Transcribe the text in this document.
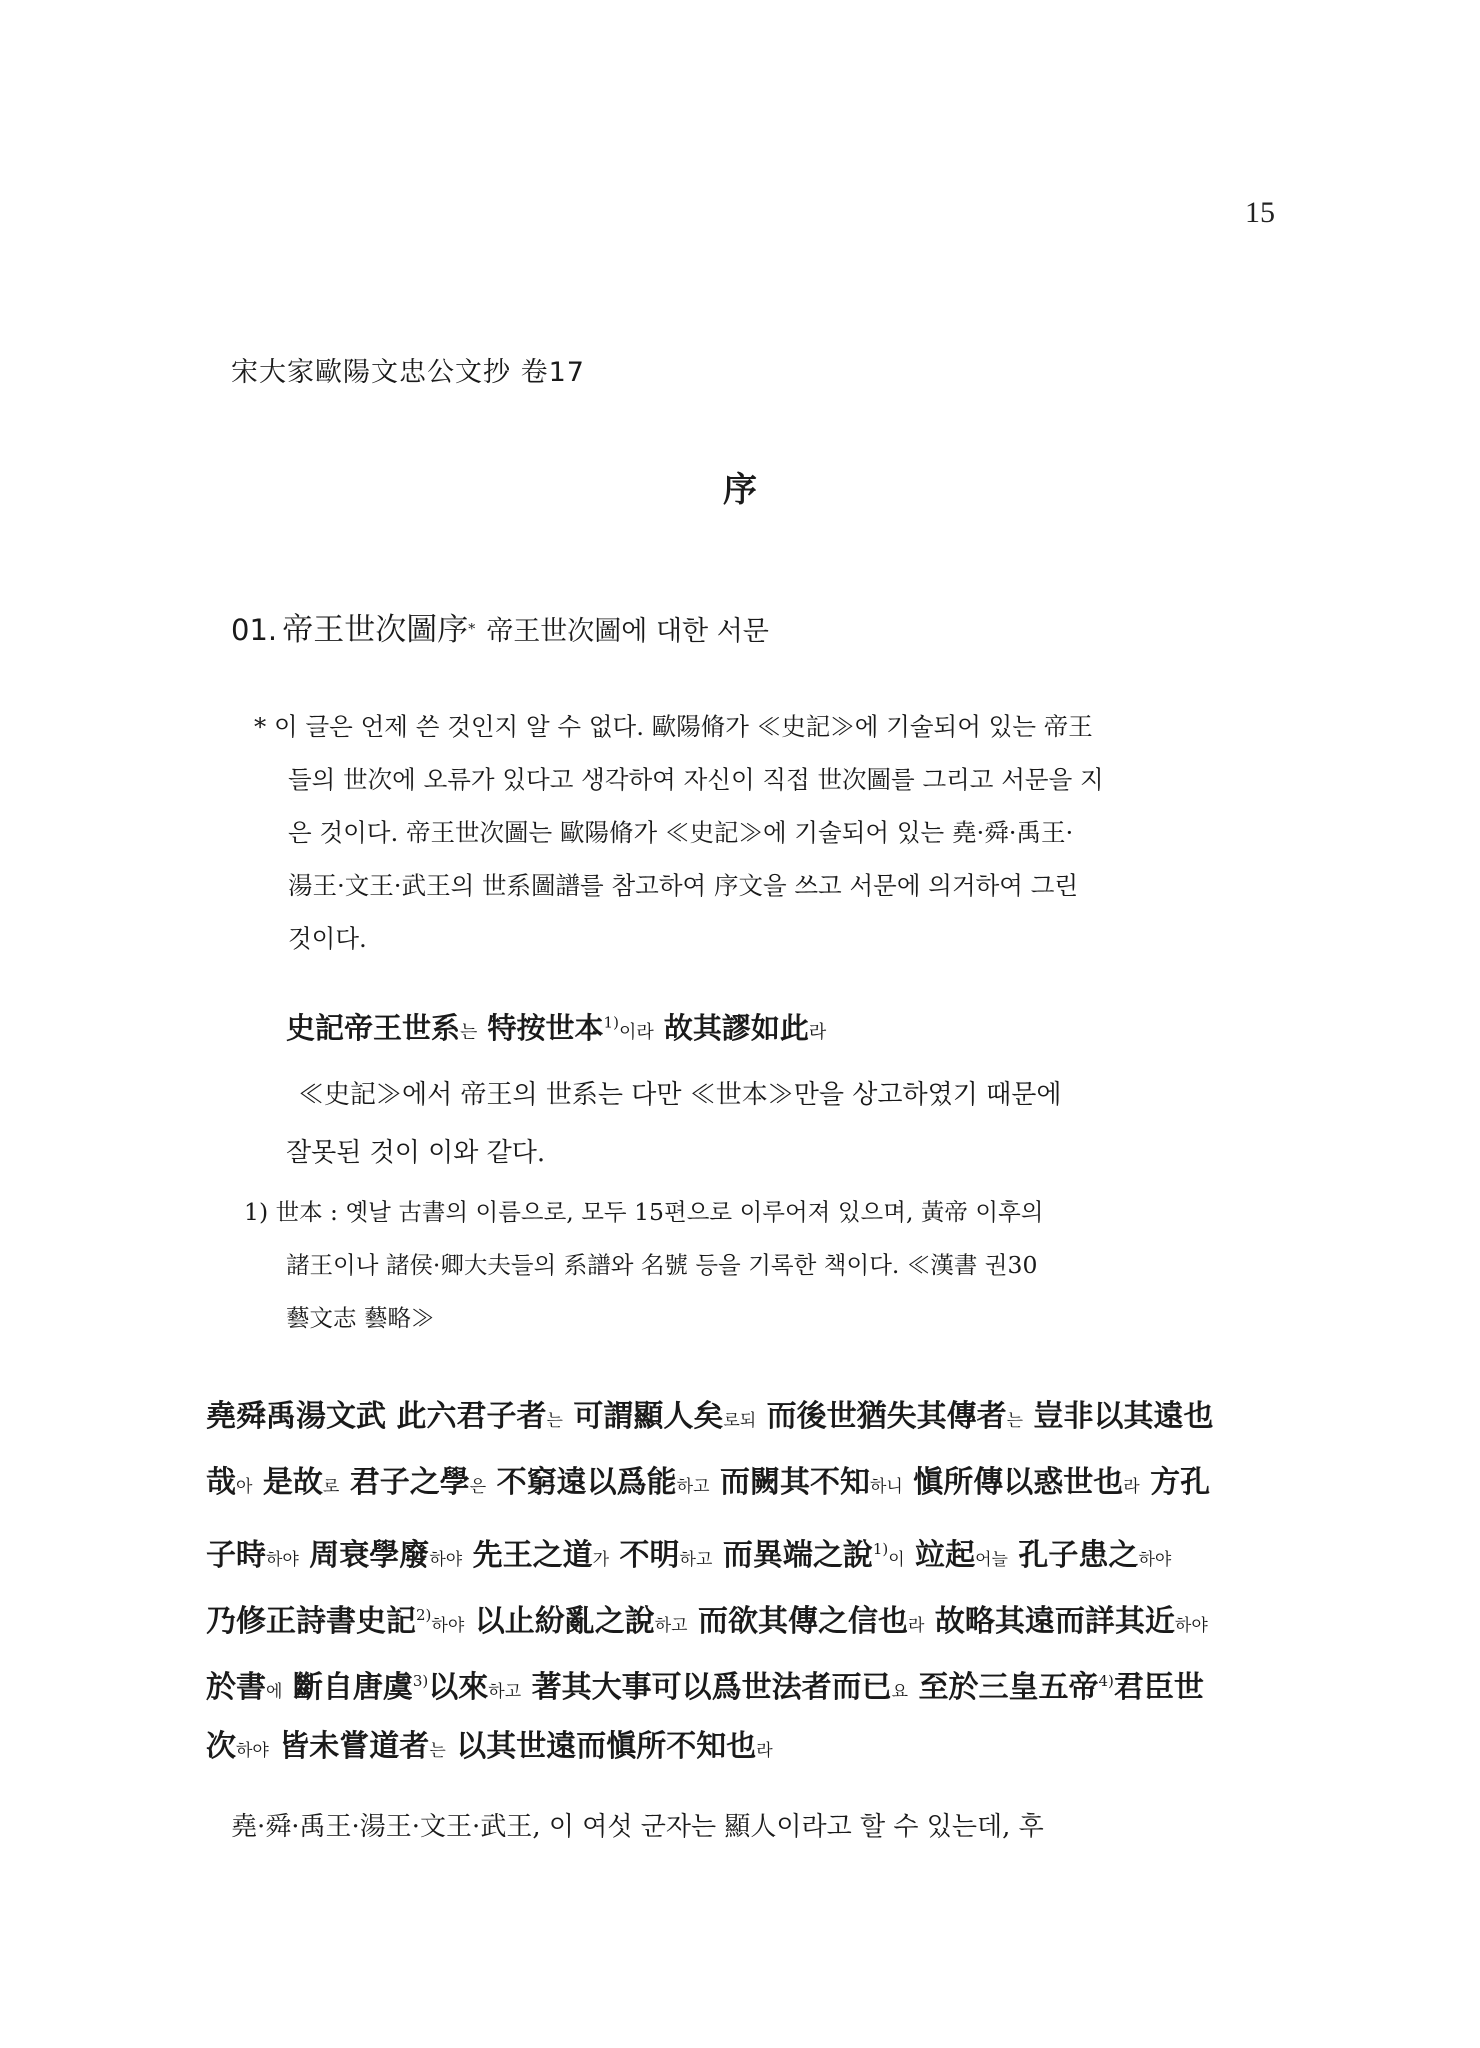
15
宋大家歐陽文忠公文抄 卷17
序
01. 帝王世次圖序* 帝王世次圖에 대한 서문
* 이 글은 언제 쓴 것인지 알 수 없다. 歐陽脩가 ≪史記≫에 기술되어 있는 帝王
들의 世次에 오류가 있다고 생각하여 자신이 직접 世次圖를 그리고 서문을 지
은 것이다. 帝王世次圖는 歐陽脩가 ≪史記≫에 기술되어 있는 堯·舜·禹王·
湯王·文王·武王의 世系圖譜를 참고하여 序文을 쓰고 서문에 의거하여 그린
것이다.
史記帝王世系는 特按世本$^{1)}$이라 故其謬如此라
≪史記≫에서 帝王의 世系는 다만 ≪世本≫만을 상고하였기 때문에
잘못된 것이 이와 같다.
1) 世本 : 옛날 古書의 이름으로, 모두 15편으로 이루어져 있으며, 黃帝 이후의
諸王이나 諸侯·卿大夫들의 系譜와 名號 등을 기록한 책이다. ≪漢書 권30
藝文志 藝略≫
堯舜禹湯文武 此六君子者는 可謂顯人矣로되 而後世猶失其傳者는 豈非以其遠也
哉아 是故로 君子之學은 不窮遠以爲能하고 而闕其不知하니 愼所傳以惑世也라 方孔
子時하야 周衰學廢하야 先王之道가 不明하고 而異端之說$^{1)}$이 竝起어늘 孔子患之하야
乃修正詩書史記$^{2)}$하야 以止紛亂之說하고 而欲其傳之信也라 故略其遠而詳其近하야
於書에 斷自唐虞$^{3)}$以來하고 著其大事可以爲世法者而已요 至於三皇五帝$^{4)}$君臣世
次하야 皆未嘗道者는 以其世遠而愼所不知也라
堯·舜·禹王·湯王·文王·武王, 이 여섯 군자는 顯人이라고 할 수 있는데, 후
